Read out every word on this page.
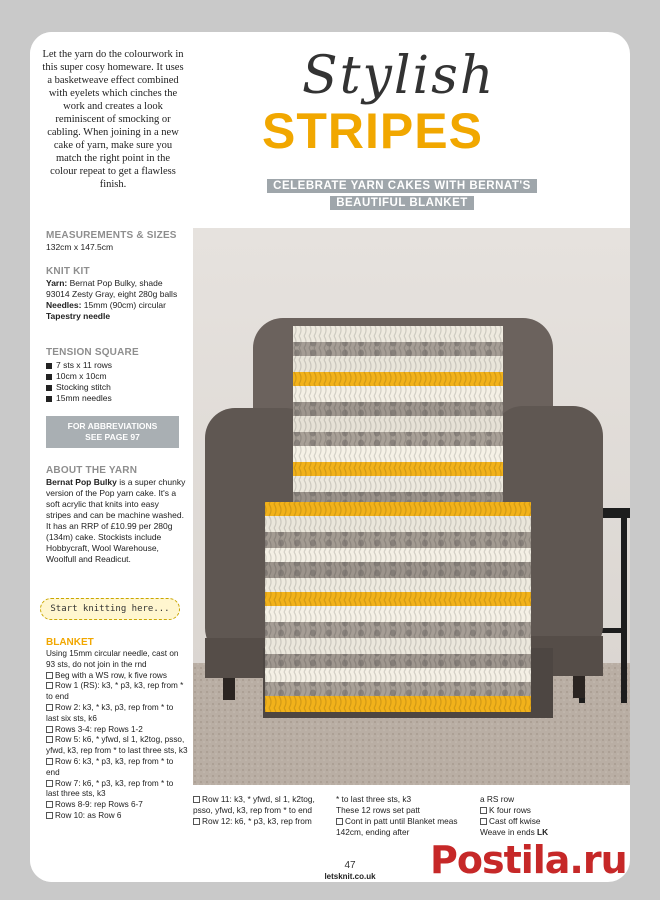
Let the yarn do the colourwork in this super cosy homeware. It uses a basketweave effect combined with eyelets which cinches the work and creates a look reminiscent of smocking or cabling. When joining in a new cake of yarn, make sure you match the right point in the colour repeat to get a flawless finish.

MEASUREMENTS & SIZES
132cm x 147.5cm
KNIT KIT
Yarn: Bernat Pop Bulky, shade 93014 Zesty Gray, eight 280g balls
Needles: 15mm (90cm) circular
Tapestry needle
TENSION SQUARE
7 sts x 11 rows
10cm x 10cm
Stocking stitch
15mm needles
FOR ABBREVIATIONS
SEE PAGE 97
ABOUT THE YARN
Bernat Pop Bulky is a super chunky version of the Pop yarn cake. It's a soft acrylic that knits into easy stripes and can be machine washed. It has an RRP of £10.99 per 280g (134m) cake. Stockists include Hobbycraft, Wool Warehouse, Woolfull and Readicut.
Start knitting here...
BLANKET
Using 15mm circular needle, cast on 93 sts, do not join in the rnd
Beg with a WS row, k five rows
Row 1 (RS): k3, * p3, k3, rep from * to end
Row 2: k3, * k3, p3, rep from * to last six sts, k6
Rows 3-4: rep Rows 1-2
Row 5: k6, * yfwd, sl 1, k2tog, psso, yfwd, k3, rep from * to last three sts, k3
Row 6: k3, * p3, k3, rep from * to end
Row 7: k6, * p3, k3, rep from * to last three sts, k3
Rows 8-9: rep Rows 6-7
Row 10: as Row 6
Stylish
STRIPES
CELEBRATE YARN CAKES WITH BERNAT'S
BEAUTIFUL BLANKET
Row 11: k3, * yfwd, sl 1, k2tog, psso, yfwd, k3, rep from * to end
Row 12: k6, * p3, k3, rep from
* to last three sts, k3
These 12 rows set patt
Cont in patt until Blanket meas 142cm, ending after
a RS row
K four rows
Cast off kwise
Weave in ends LK
47
letsknit.co.uk	Postila.ru
